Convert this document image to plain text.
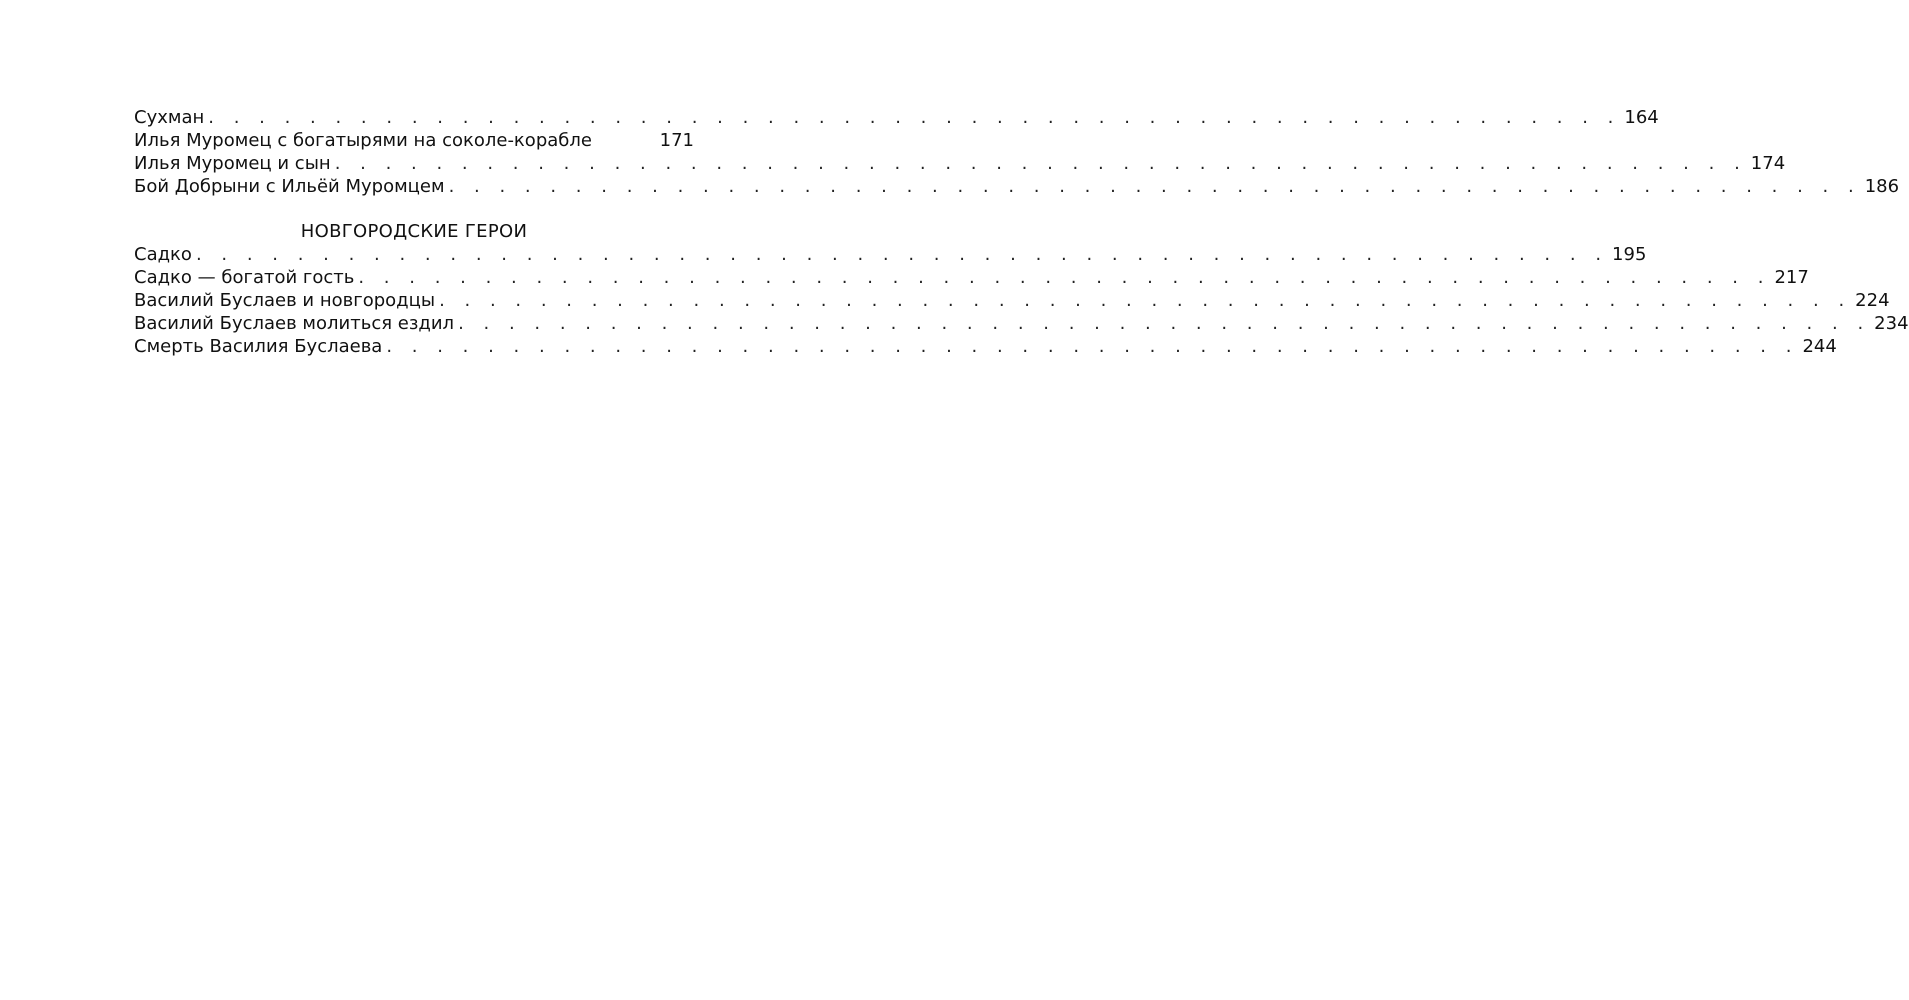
Сухман . . . . . . . . . . . . . . . . . . . . . . . . . . . . . . . . . . . . . . . . . . . . . . . . . . . . . . . . 164
Илья Муромец с богатырями на соколе-корабле	171
Илья Муромец и сын . . . . . . . . . . . . . . . . . . . . . . . . . . . . . . . . . . . . . . . . . . . . . . . . . . . . . . . . 174
Бой Добрыни с Ильёй Муромцем . . . . . . . . . . . . . . . . . . . . . . . . . . . . . . . . . . . . . . . . . . . . . . . . . . . . . . . . 186
НОВГОРОДСКИЕ ГЕРОИ
Садко . . . . . . . . . . . . . . . . . . . . . . . . . . . . . . . . . . . . . . . . . . . . . . . . . . . . . . . . 195
Садко — богатой гость . . . . . . . . . . . . . . . . . . . . . . . . . . . . . . . . . . . . . . . . . . . . . . . . . . . . . . . . 217
Василий Буслаев и новгородцы . . . . . . . . . . . . . . . . . . . . . . . . . . . . . . . . . . . . . . . . . . . . . . . . . . . . . . . . 224
Василий Буслаев молиться ездил . . . . . . . . . . . . . . . . . . . . . . . . . . . . . . . . . . . . . . . . . . . . . . . . . . . . . . . . 234
Смерть Василия Буслаева . . . . . . . . . . . . . . . . . . . . . . . . . . . . . . . . . . . . . . . . . . . . . . . . . . . . . . . . 244
